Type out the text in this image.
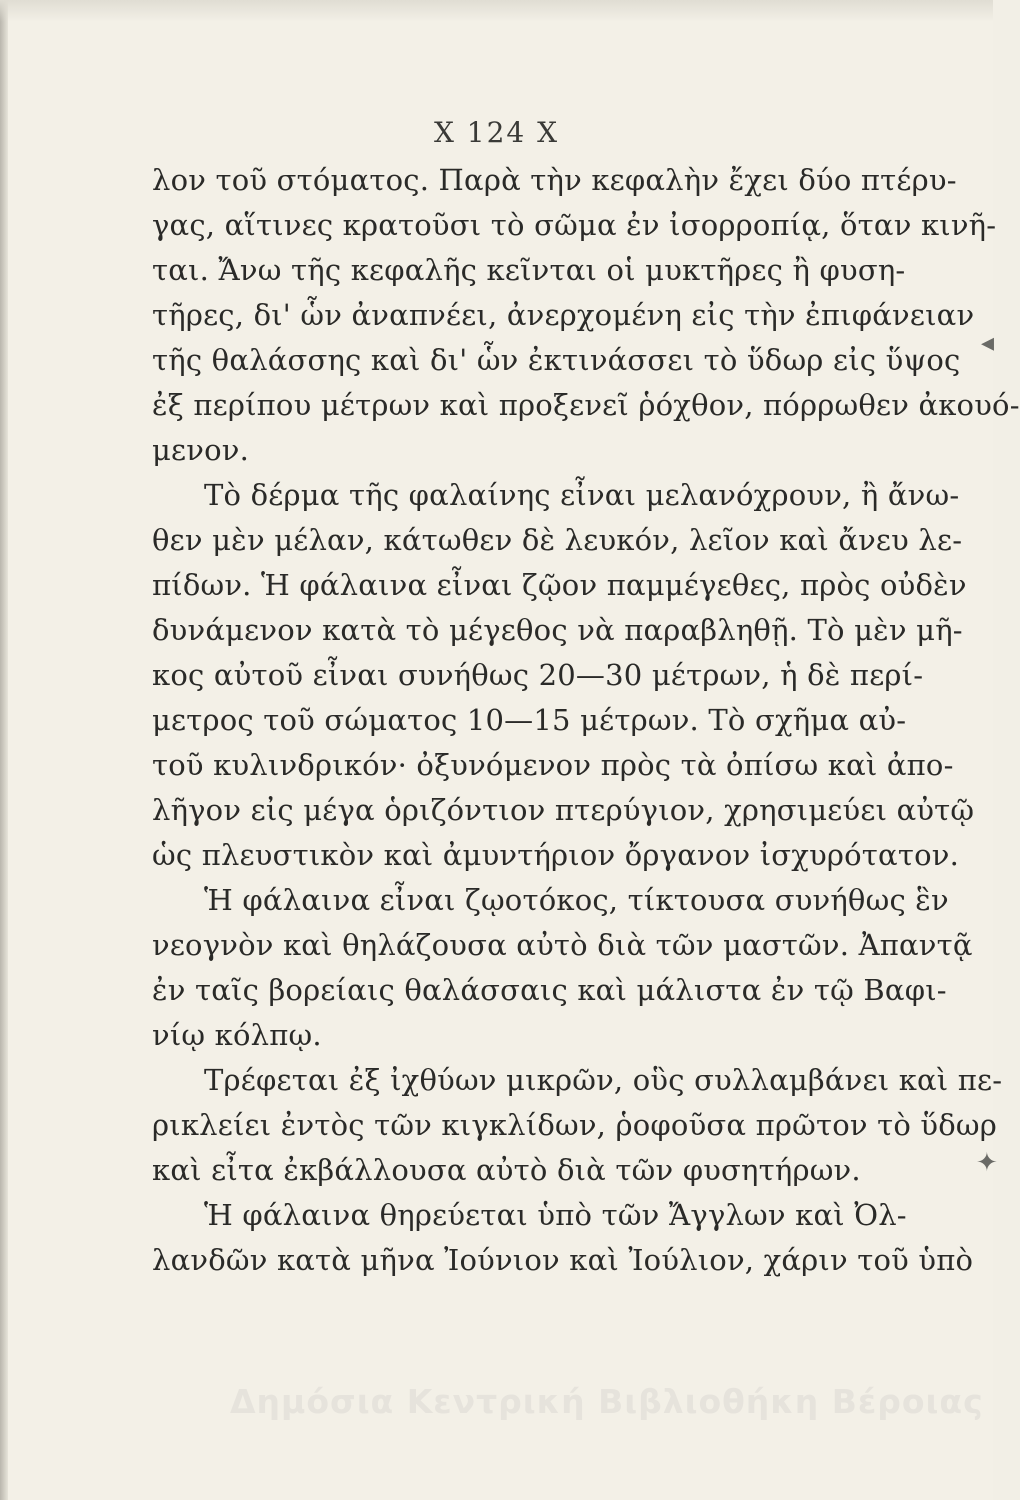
X 124 X
λον τοῦ στόματος. Παρὰ τὴν κεφαλὴν ἔχει δύο πτέρυ-
γας, αἵτινες κρατοῦσι τὸ σῶμα ἐν ἰσορροπίᾳ, ὅταν κινῆ-
ται. Ἄνω τῆς κεφαλῆς κεῖνται οἱ μυκτῆρες ἢ φυση-
τῆρες, δι' ὧν ἀναπνέει, ἀνερχομένη εἰς τὴν ἐπιφάνειαν
τῆς θαλάσσης καὶ δι' ὧν ἐκτινάσσει τὸ ὕδωρ εἰς ὕψος
ἐξ περίπου μέτρων καὶ προξενεῖ ῥόχθον, πόρρωθεν ἀκουό-
μενον.
Τὸ δέρμα τῆς φαλαίνης εἶναι μελανόχρουν, ἢ ἄνω-
θεν μὲν μέλαν, κάτωθεν δὲ λευκόν, λεῖον καὶ ἄνευ λε-
πίδων. Ἡ φάλαινα εἶναι ζῷον παμμέγεθες, πρὸς οὐδὲν
δυνάμενον κατὰ τὸ μέγεθος νὰ παραβληθῇ. Τὸ μὲν μῆ-
κος αὐτοῦ εἶναι συνήθως 20—30 μέτρων, ἡ δὲ περί-
μετρος τοῦ σώματος 10—15 μέτρων. Τὸ σχῆμα αὐ-
τοῦ κυλινδρικόν· ὀξυνόμενον πρὸς τὰ ὀπίσω καὶ ἀπο-
λῆγον εἰς μέγα ὁριζόντιον πτερύγιον, χρησιμεύει αὐτῷ
ὡς πλευστικὸν καὶ ἀμυντήριον ὄργανον ἰσχυρότατον.
Ἡ φάλαινα εἶναι ζῳοτόκος, τίκτουσα συνήθως ἓν
νεογνὸν καὶ θηλάζουσα αὐτὸ διὰ τῶν μαστῶν. Ἀπαντᾷ
ἐν ταῖς βορείαις θαλάσσαις καὶ μάλιστα ἐν τῷ Βαφι-
νίῳ κόλπῳ.
Τρέφεται ἐξ ἰχθύων μικρῶν, οὓς συλλαμβάνει καὶ πε-
ρικλείει ἐντὸς τῶν κιγκλίδων, ῥοφοῦσα πρῶτον τὸ ὕδωρ
καὶ εἶτα ἐκβάλλουσα αὐτὸ διὰ τῶν φυσητήρων.
Ἡ φάλαινα θηρεύεται ὑπὸ τῶν Ἄγγλων καὶ Ὀλ-
λανδῶν κατὰ μῆνα Ἰούνιον καὶ Ἰούλιον, χάριν τοῦ ὑπὸ
◂
✦
Δημόσια Κεντρική Βιβλιοθήκη Βέροιας
